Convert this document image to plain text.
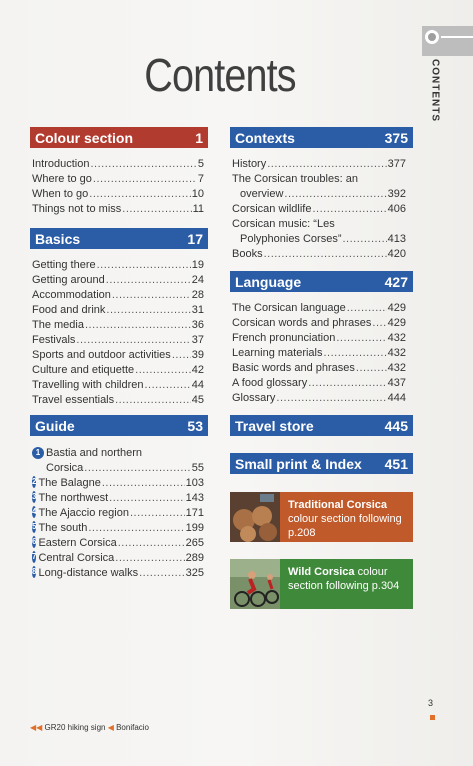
Contents	CONTENTS
Colour section	1
Introduction .....	5
Where to go .....	7
When to go .....	10
Things not to miss .....	11
Basics	17
Getting there .....	19
Getting around .....	24
Accommodation .....	28
Food and drink .....	31
The media .....	36
Festivals .....	37
Sports and outdoor activities ..... 39
Culture and etiquette .....	42
Travelling with children .....	44
Travel essentials .....	45
Guide	53
1 Bastia and northern
Corsica .....	55
2 The Balagne .....	103
3 The northwest .....	143
4 The Ajaccio region .....	171
5 The south .....	199
6 Eastern Corsica .....	265
7 Central Corsica .....	289
8 Long-distance walks .....	325
Contexts	375
History .....	377
The Corsican troubles: an
overview .....	392
Corsican wildlife .....	406
Corsican music: “Les
Polyphonies Corses” .....	413
Books .....	420
Language	427
The Corsican language .....	429
Corsican words and phrases ..... 429
French pronunciation .....	432
Learning materials .....	432
Basic words and phrases .....	432
A food glossary .....	437
Glossary .....	444
Travel store	445
Small print & Index 451
Traditional Corsica
colour section following p.208
Wild Corsica colour section following p.304
3
◀◀ GR20 hiking sign ◀ Bonifacio
